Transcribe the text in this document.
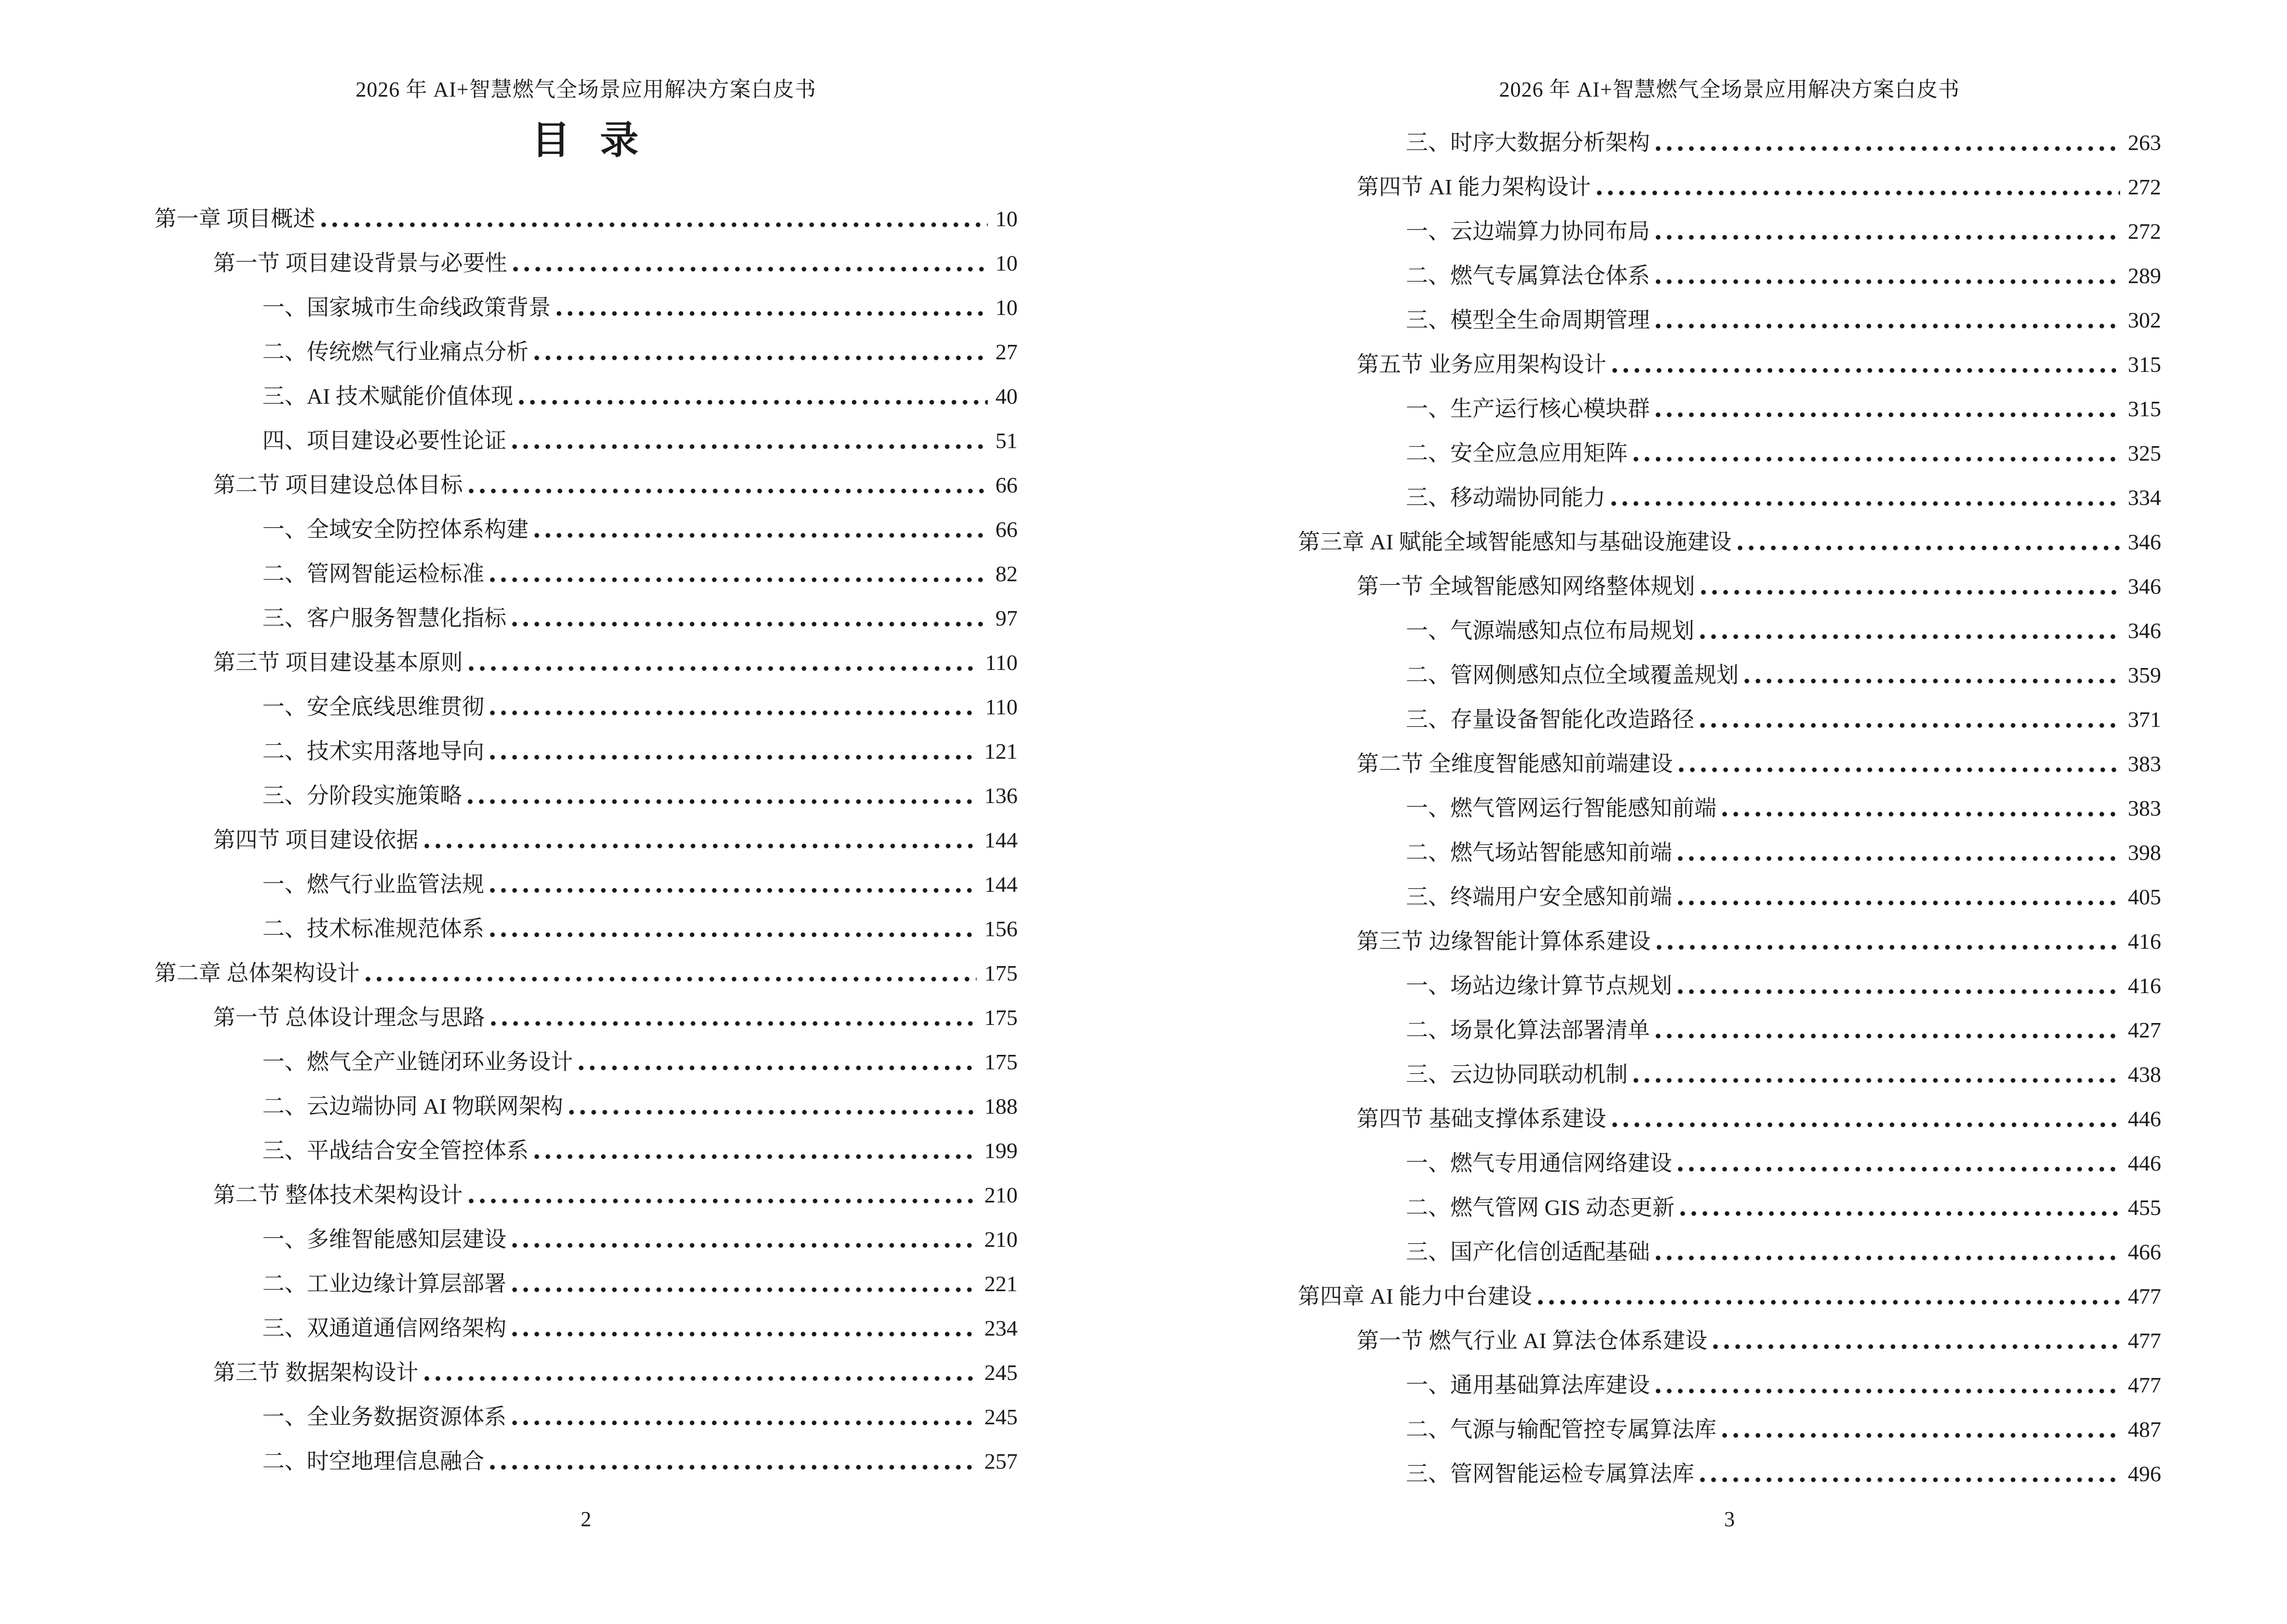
2026 年 AI+智慧燃气全场景应用解决方案白皮书
目 录
第一章 项目概述	10
第一节 项目建设背景与必要性	10
一、国家城市生命线政策背景	10
二、传统燃气行业痛点分析	27
三、AI 技术赋能价值体现	40
四、项目建设必要性论证	51
第二节 项目建设总体目标	66
一、全域安全防控体系构建	66
二、管网智能运检标准	82
三、客户服务智慧化指标	97
第三节 项目建设基本原则	110
一、安全底线思维贯彻	110
二、技术实用落地导向	121
三、分阶段实施策略	136
第四节 项目建设依据	144
一、燃气行业监管法规	144
二、技术标准规范体系	156
第二章 总体架构设计	175
第一节 总体设计理念与思路	175
一、燃气全产业链闭环业务设计	175
二、云边端协同 AI 物联网架构	188
三、平战结合安全管控体系	199
第二节 整体技术架构设计	210
一、多维智能感知层建设	210
二、工业边缘计算层部署	221
三、双通道通信网络架构	234
第三节 数据架构设计	245
一、全业务数据资源体系	245
二、时空地理信息融合	257
2
2026 年 AI+智慧燃气全场景应用解决方案白皮书
三、时序大数据分析架构	263
第四节 AI 能力架构设计	272
一、云边端算力协同布局	272
二、燃气专属算法仓体系	289
三、模型全生命周期管理	302
第五节 业务应用架构设计	315
一、生产运行核心模块群	315
二、安全应急应用矩阵	325
三、移动端协同能力	334
第三章 AI 赋能全域智能感知与基础设施建设	346
第一节 全域智能感知网络整体规划	346
一、气源端感知点位布局规划	346
二、管网侧感知点位全域覆盖规划	359
三、存量设备智能化改造路径	371
第二节 全维度智能感知前端建设	383
一、燃气管网运行智能感知前端	383
二、燃气场站智能感知前端	398
三、终端用户安全感知前端	405
第三节 边缘智能计算体系建设	416
一、场站边缘计算节点规划	416
二、场景化算法部署清单	427
三、云边协同联动机制	438
第四节 基础支撑体系建设	446
一、燃气专用通信网络建设	446
二、燃气管网 GIS 动态更新	455
三、国产化信创适配基础	466
第四章 AI 能力中台建设	477
第一节 燃气行业 AI 算法仓体系建设	477
一、通用基础算法库建设	477
二、气源与输配管控专属算法库	487
三、管网智能运检专属算法库	496
3
